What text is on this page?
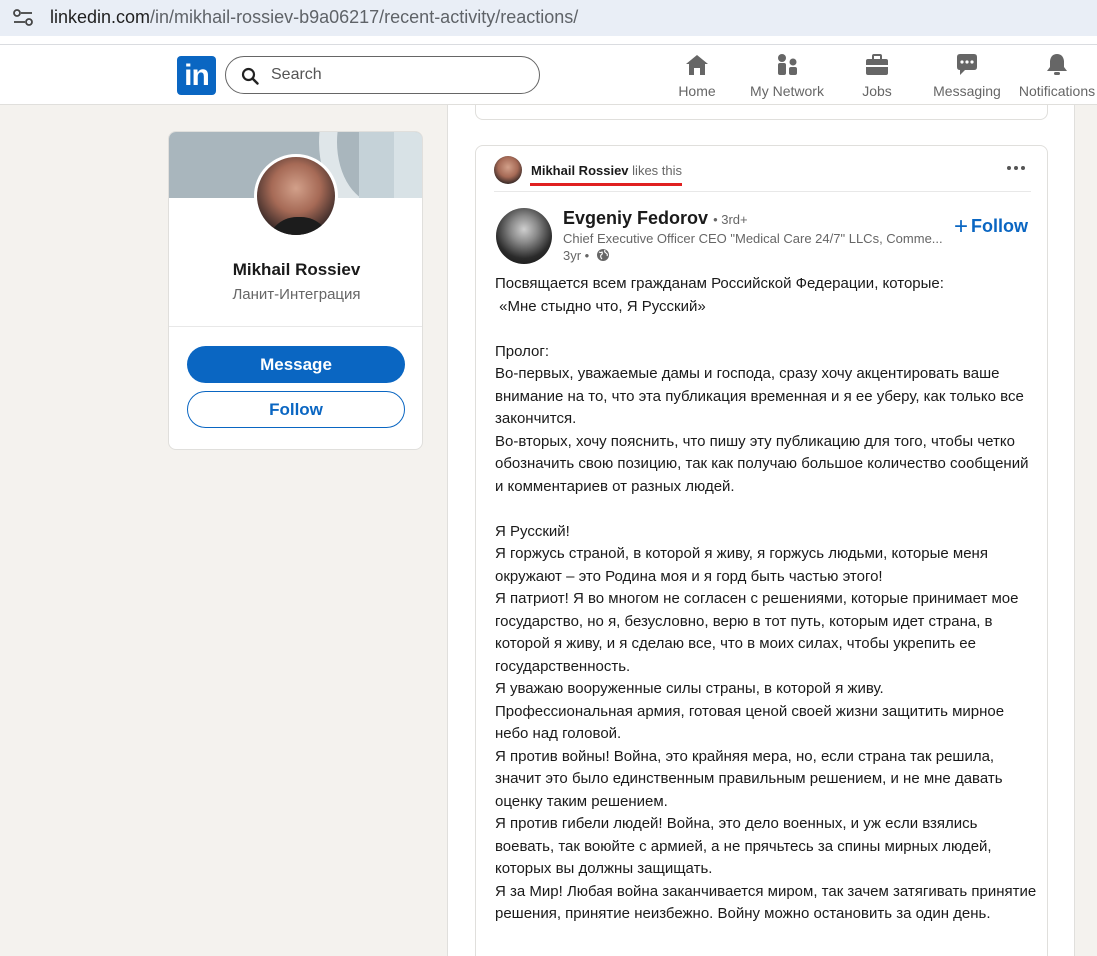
linkedin.com/in/mikhail-rossiev-b9a06217/recent-activity/reactions/
in
Search	Home	My Network	Jobs	Messaging Notifications
Mikhail Rossiev
Ланит-Интеграция
Message
Follow
Mikhail Rossiev likes this
Evgeniy Fedorov • 3rd+
Chief Executive Officer CEO "Medical Care 24/7" LLCs, Comme...
3yr •
+ Follow
Посвящается всем гражданам Российской Федерации, которые:
«Мне стыдно что, Я Русский»
Пролог:
Во-первых, уважаемые дамы и господа, сразу хочу акцентировать ваше внимание на то, что эта публикация временная и я ее уберу, как только все закончится.
Во-вторых, хочу пояснить, что пишу эту публикацию для того, чтобы четко обозначить свою позицию, так как получаю большое количество сообщений и комментариев от разных людей.
Я Русский!
Я горжусь страной, в которой я живу, я горжусь людьми, которые меня окружают – это Родина моя и я горд быть частью этого!
Я патриот! Я во многом не согласен с решениями, которые принимает мое государство, но я, безусловно, верю в тот путь, которым идет страна, в которой я живу, и я сделаю все, что в моих силах, чтобы укрепить ее государственность.
Я уважаю вооруженные силы страны, в которой я живу.
Профессиональная армия, готовая ценой своей жизни защитить мирное небо над головой.
Я против войны! Война, это крайняя мера, но, если страна так решила, значит это было единственным правильным решением, и не мне давать оценку таким решением.
Я против гибели людей! Война, это дело военных, и уж если взялись воевать, так воюйте с армией, а не прячьтесь за спины мирных людей, которых вы должны защищать.
Я за Мир! Любая война заканчивается миром, так зачем затягивать принятие решения, принятие неизбежно. Войну можно остановить за один день.
